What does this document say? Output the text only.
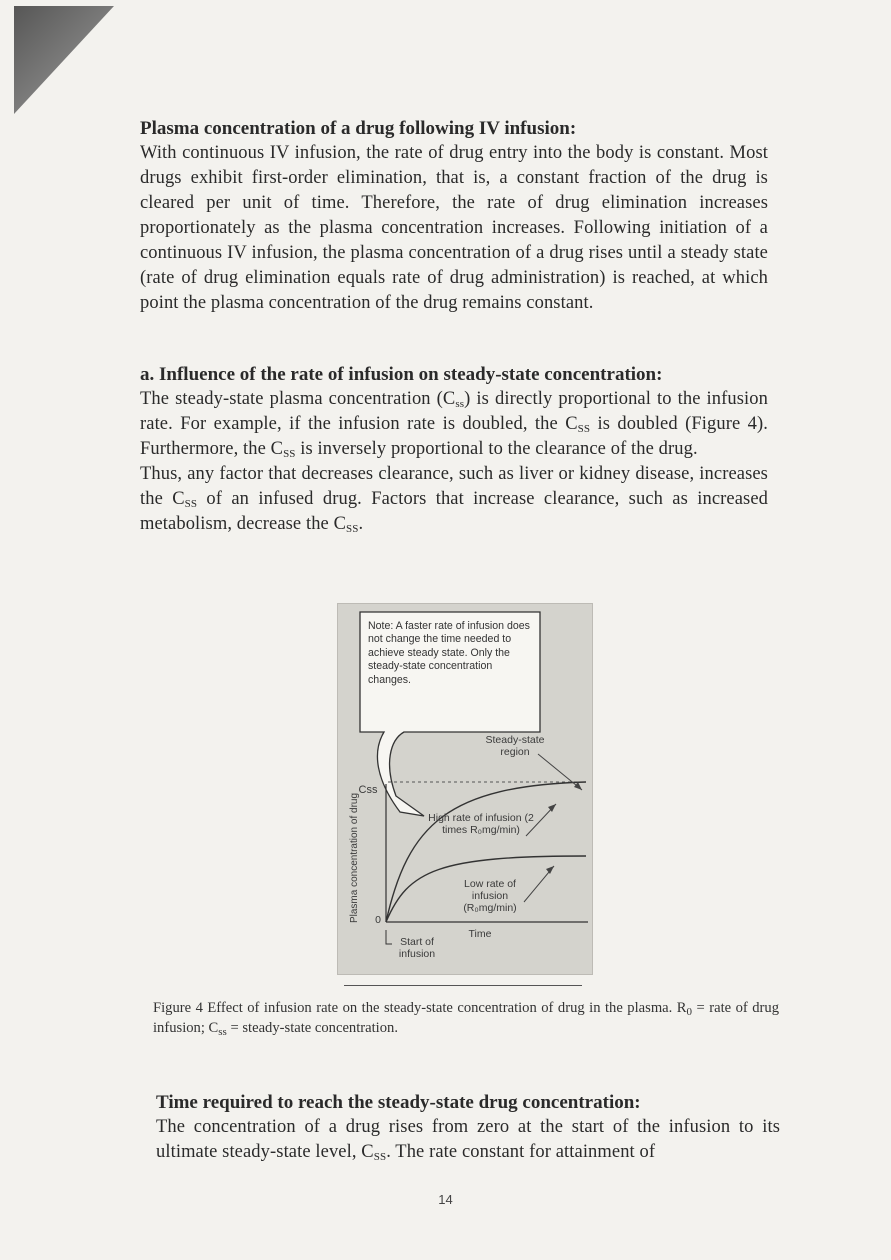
Plasma concentration of a drug following IV infusion:

With continuous IV infusion, the rate of drug entry into the body is constant. Most drugs exhibit first-order elimination, that is, a constant fraction of the drug is cleared per unit of time. Therefore, the rate of drug elimination increases proportionately as the plasma concentration increases. Following initiation of a continuous IV infusion, the plasma concentration of a drug rises until a steady state (rate of drug elimination equals rate of drug administration) is reached, at which point the plasma concentration of the drug remains constant.

a. Influence of the rate of infusion on steady-state concentration:

The steady-state plasma concentration $(C_{ss})$ is directly proportional to the infusion rate. For example, if the infusion rate is doubled, the $C_{SS}$ is doubled (Figure 4). Furthermore, the $C_{SS}$ is inversely proportional to the clearance of the drug.

Thus, any factor that decreases clearance, such as liver or kidney disease, increases the $C_{SS}$ of an infused drug. Factors that increase clearance, such as increased metabolism, decrease the $C_{SS}$.

Note: A faster rate of infusion does not change the time needed to achieve steady state. Only the steady-state concentration changes.
Steady-state region
Css
High rate of infusion (2 times R₀mg/min)
Low rate of infusion (R₀mg/min)
Plasma concentration of drug 0
Time
Start of infusion
Figure 4 Effect of infusion rate on the steady-state concentration of drug in the plasma. $R_0$ = rate of drug infusion; $C_{ss}$ = steady-state concentration.

Time required to reach the steady-state drug concentration:

The concentration of a drug rises from zero at the start of the infusion to its ultimate steady-state level, $C_{SS}$. The rate constant for attainment of

14
